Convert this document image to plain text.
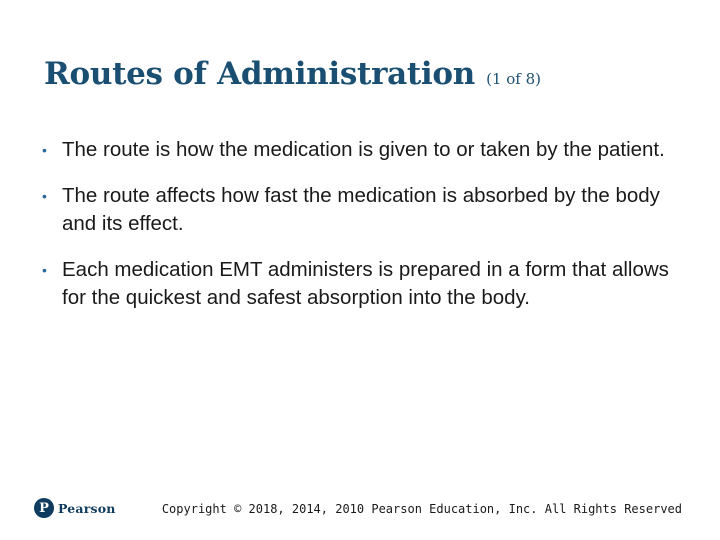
Routes of Administration (1 of 8)
• The route is how the medication is given to or taken by the patient.
• The route affects how fast the medication is absorbed by the body and its effect.
• Each medication EMT administers is prepared in a form that allows for the quickest and safest absorption into the body.
P Pearson	Copyright © 2018, 2014, 2010 Pearson Education, Inc. All Rights Reserved
